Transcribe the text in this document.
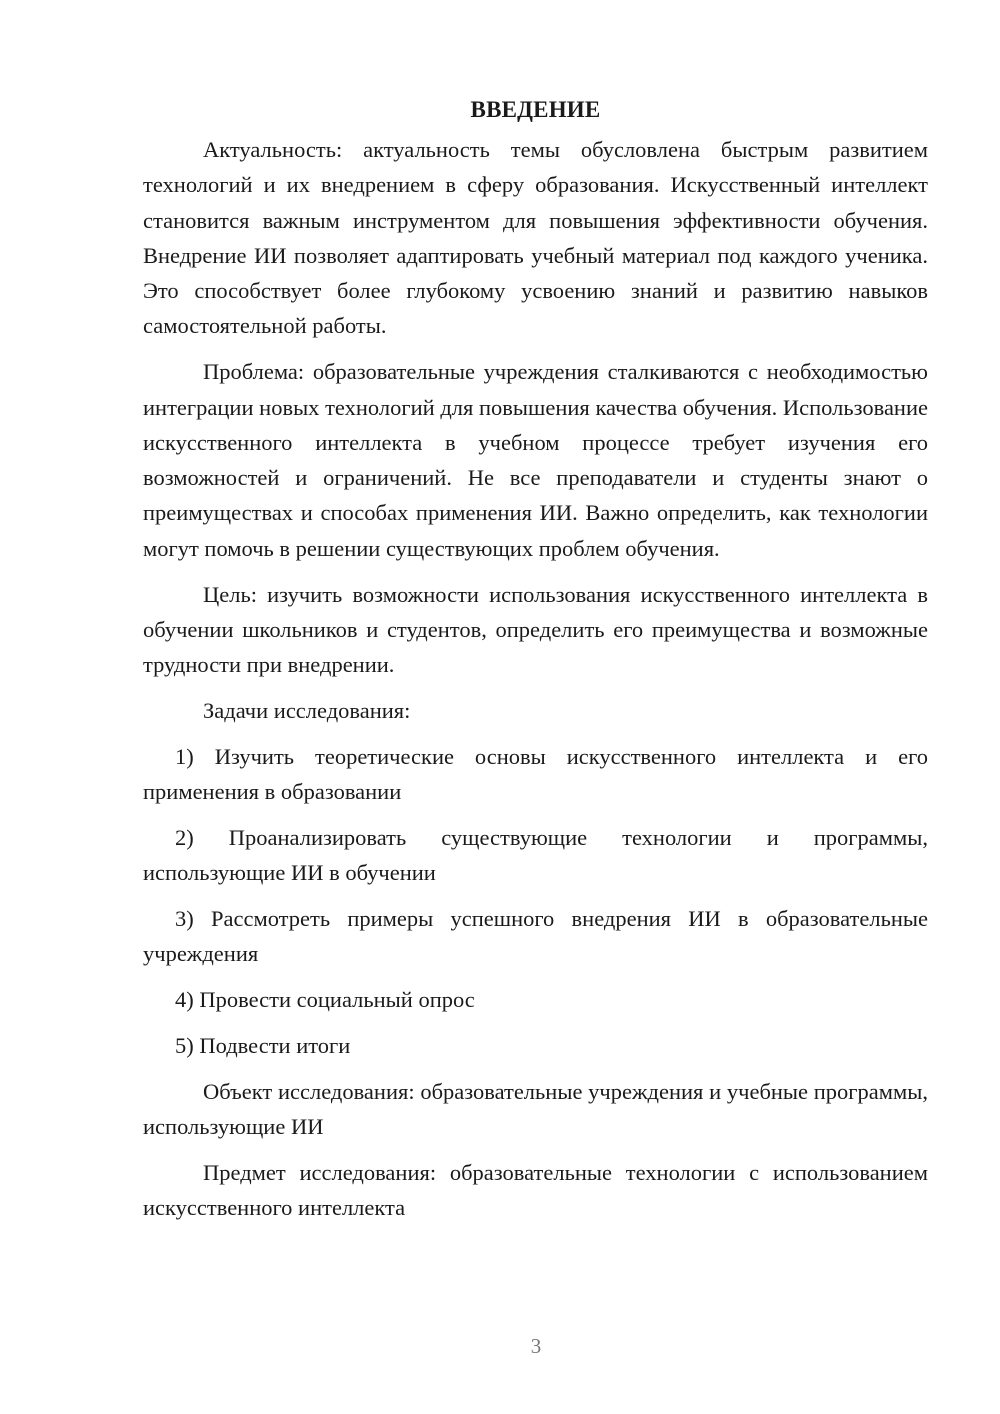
ВВЕДЕНИЕ

Актуальность: актуальность темы обусловлена быстрым развитием технологий и их внедрением в сферу образования. Искусственный интеллект становится важным инструментом для повышения эффективности обучения. Внедрение ИИ позволяет адаптировать учебный материал под каждого ученика. Это способствует более глубокому усвоению знаний и развитию навыков самостоятельной работы.

Проблема: образовательные учреждения сталкиваются с необходимостью интеграции новых технологий для повышения качества обучения. Использование искусственного интеллекта в учебном процессе требует изучения его возможностей и ограничений. Не все преподаватели и студенты знают о преимуществах и способах применения ИИ. Важно определить, как технологии могут помочь в решении существующих проблем обучения.

Цель: изучить возможности использования искусственного интеллекта в обучении школьников и студентов, определить его преимущества и возможные трудности при внедрении.

Задачи исследования:

1) Изучить теоретические основы искусственного интеллекта и его применения в образовании

2) Проанализировать существующие технологии и программы, использующие ИИ в обучении

3) Рассмотреть примеры успешного внедрения ИИ в образовательные учреждения

4) Провести социальный опрос

5) Подвести итоги

Объект исследования: образовательные учреждения и учебные программы, использующие ИИ

Предмет исследования: образовательные технологии с использованием искусственного интеллекта

3
